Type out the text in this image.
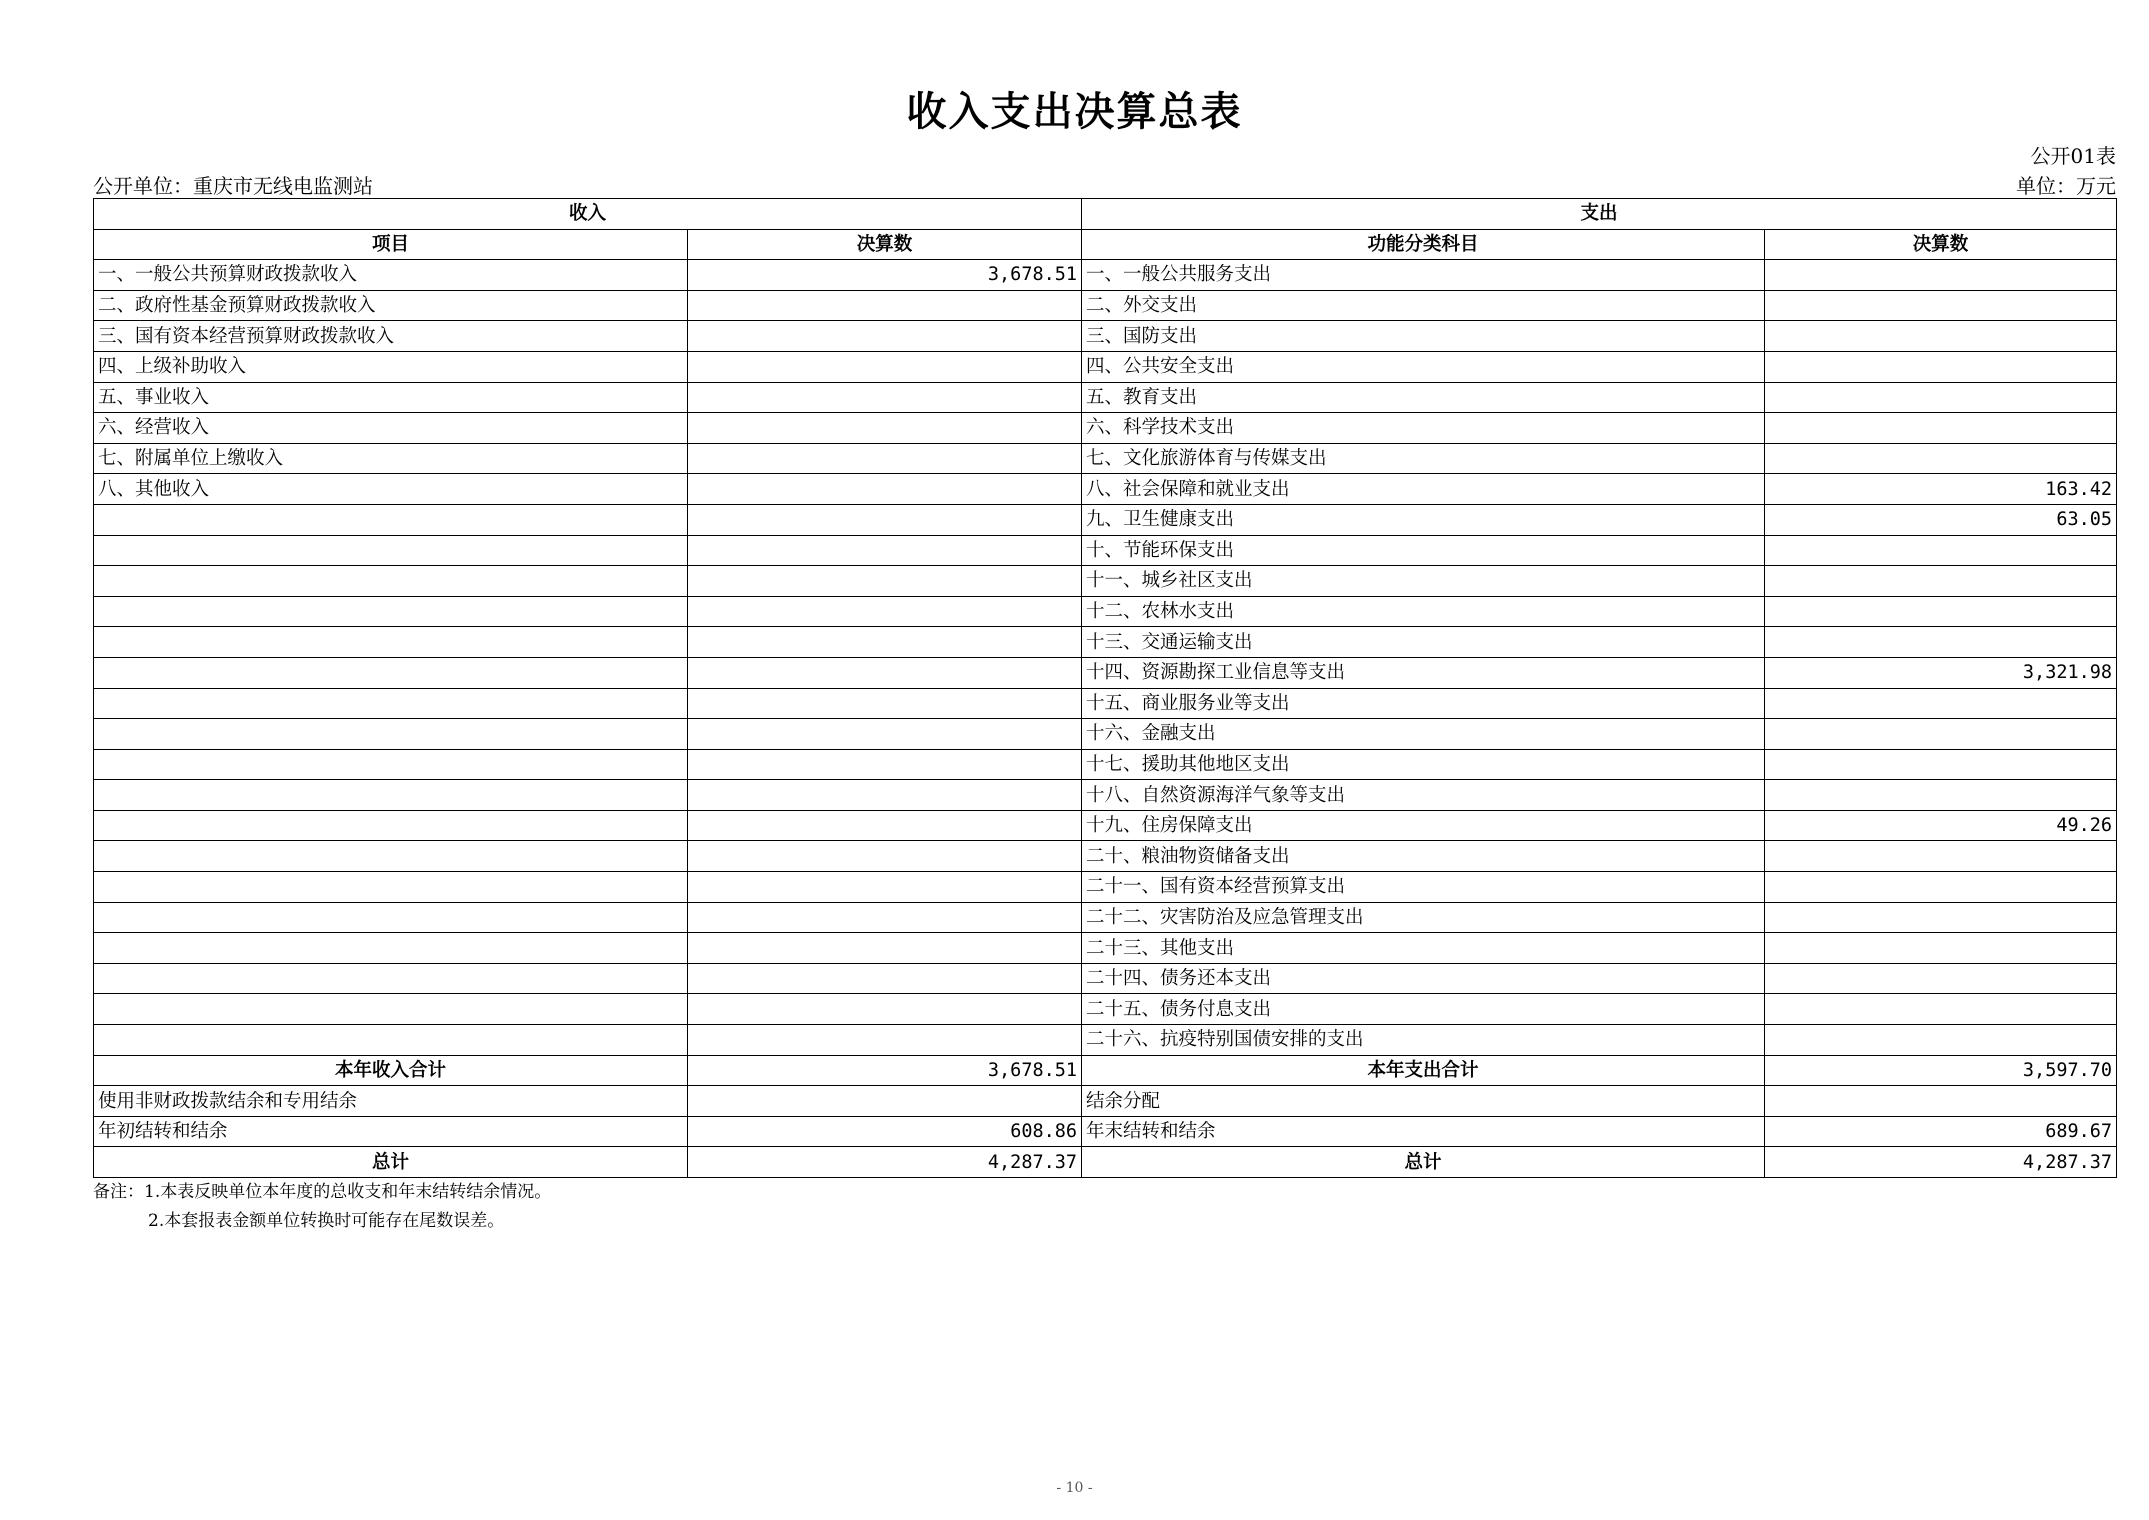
收入支出决算总表
公开01表
公开单位：重庆市无线电监测站	单位：万元
收入		支出	
项目	决算数	功能分类科目	决算数
一、一般公共预算财政拨款收入	3,678.51	一、一般公共服务支出	
二、政府性基金预算财政拨款收入		二、外交支出	
三、国有资本经营预算财政拨款收入		三、国防支出	
四、上级补助收入		四、公共安全支出	
五、事业收入		五、教育支出	
六、经营收入		六、科学技术支出	
七、附属单位上缴收入		七、文化旅游体育与传媒支出	
八、其他收入		八、社会保障和就业支出	163.42
		九、卫生健康支出	63.05
		十、节能环保支出	
		十一、城乡社区支出	
		十二、农林水支出	
		十三、交通运输支出	
		十四、资源勘探工业信息等支出	3,321.98
		十五、商业服务业等支出	
		十六、金融支出	
		十七、援助其他地区支出	
		十八、自然资源海洋气象等支出	
		十九、住房保障支出	49.26
		二十、粮油物资储备支出	
		二十一、国有资本经营预算支出	
		二十二、灾害防治及应急管理支出	
		二十三、其他支出	
		二十四、债务还本支出	
		二十五、债务付息支出	
		二十六、抗疫特别国债安排的支出	
本年收入合计	3,678.51	本年支出合计	3,597.70
使用非财政拨款结余和专用结余		结余分配	
年初结转和结余	608.86	年末结转和结余	689.67
总计	4,287.37	总计	4,287.37
备注：1.本表反映单位本年度的总收支和年末结转结余情况。
2.本套报表金额单位转换时可能存在尾数误差。
- 10 -
